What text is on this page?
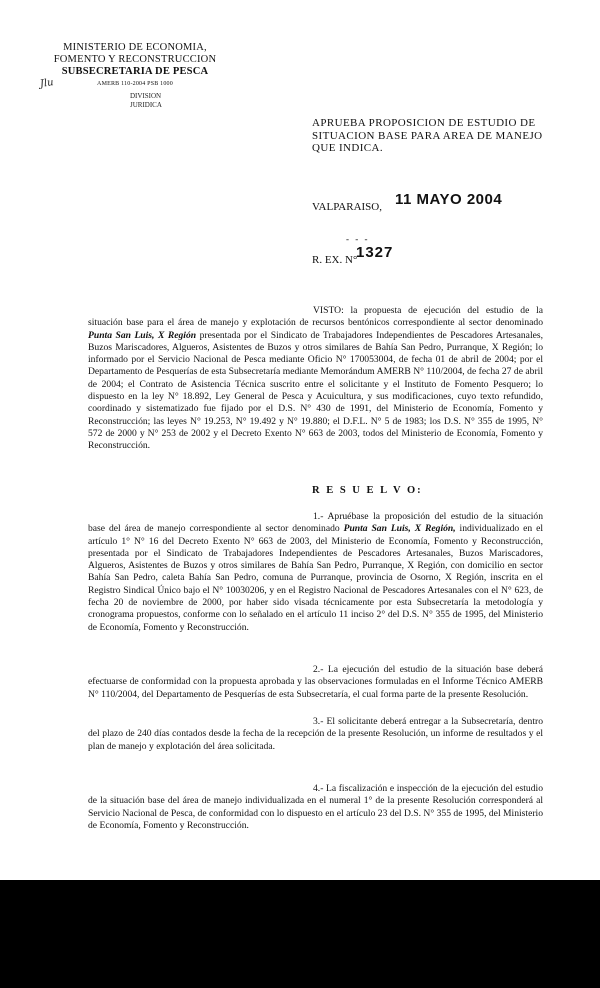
MINISTERIO DE ECONOMIA,
FOMENTO Y RECONSTRUCCION
SUBSECRETARIA DE PESCA
AMERB 110-2004 PSB 1000
Jlu
DIVISION
JURIDICA
APRUEBA PROPOSICION DE ESTUDIO DE SITUACION BASE PARA AREA DE MANEJO QUE INDICA.
VALPARAISO, 11 MAYO 2004
- - -
R. EX. N°
1327
VISTO: la propuesta de ejecución del estudio de la situación base para el área de manejo y explotación de recursos bentónicos correspondiente al sector denominado Punta San Luis, X Región presentada por el Sindicato de Trabajadores Independientes de Pescadores Artesanales, Buzos Mariscadores, Algueros, Asistentes de Buzos y otros similares de Bahía San Pedro, Purranque, X Región; lo informado por el Servicio Nacional de Pesca mediante Oficio N° 170053004, de fecha 01 de abril de 2004; por el Departamento de Pesquerías de esta Subsecretaría mediante Memorándum AMERB N° 110/2004, de fecha 27 de abril de 2004; el Contrato de Asistencia Técnica suscrito entre el solicitante y el Instituto de Fomento Pesquero; lo dispuesto en la ley N° 18.892, Ley General de Pesca y Acuicultura, y sus modificaciones, cuyo texto refundido, coordinado y sistematizado fue fijado por el D.S. N° 430 de 1991, del Ministerio de Economía, Fomento y Reconstrucción; las leyes N° 19.253, N° 19.492 y N° 19.880; el D.F.L. N° 5 de 1983; los D.S. N° 355 de 1995, N° 572 de 2000 y N° 253 de 2002 y el Decreto Exento N° 663 de 2003, todos del Ministerio de Economía, Fomento y Reconstrucción.
R E S U E L V O:
1.- Apruébase la proposición del estudio de la situación base del área de manejo correspondiente al sector denominado Punta San Luis, X Región, individualizado en el artículo 1° N° 16 del Decreto Exento N° 663 de 2003, del Ministerio de Economía, Fomento y Reconstrucción, presentada por el Sindicato de Trabajadores Independientes de Pescadores Artesanales, Buzos Mariscadores, Algueros, Asistentes de Buzos y otros similares de Bahía San Pedro, Purranque, X Región, con domicilio en sector Bahía San Pedro, caleta Bahía San Pedro, comuna de Purranque, provincia de Osorno, X Región, inscrita en el Registro Sindical Único bajo el N° 10030206, y en el Registro Nacional de Pescadores Artesanales con el N° 623, de fecha 20 de noviembre de 2000, por haber sido visada técnicamente por esta Subsecretaría la metodología y cronograma propuestos, conforme con lo señalado en el artículo 11 inciso 2° del D.S. N° 355 de 1995, del Ministerio de Economía, Fomento y Reconstrucción.
2.- La ejecución del estudio de la situación base deberá efectuarse de conformidad con la propuesta aprobada y las observaciones formuladas en el Informe Técnico AMERB N° 110/2004, del Departamento de Pesquerías de esta Subsecretaría, el cual forma parte de la presente Resolución.
3.- El solicitante deberá entregar a la Subsecretaría, dentro del plazo de 240 días contados desde la fecha de la recepción de la presente Resolución, un informe de resultados y el plan de manejo y explotación del área solicitada.
4.- La fiscalización e inspección de la ejecución del estudio de la situación base del área de manejo individualizada en el numeral 1° de la presente Resolución corresponderá al Servicio Nacional de Pesca, de conformidad con lo dispuesto en el artículo 23 del D.S. N° 355 de 1995, del Ministerio de Economía, Fomento y Reconstrucción.
